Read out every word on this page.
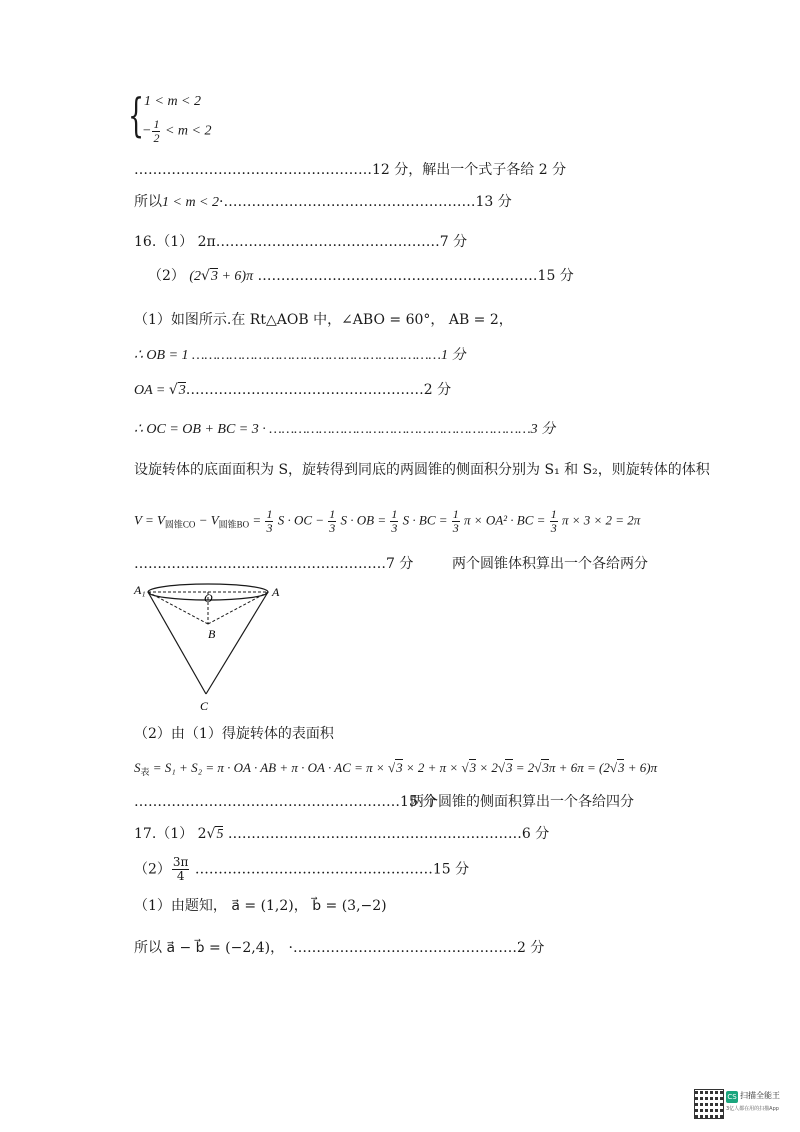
{ 1 < m < 2
− $\frac{1}{2} < m < 2$
……………………………………………12 分，解出一个式子各给 2 分
所以1 < m < 2·………………………………………………13 分
16.（1） 2π…………………………………………7 分
（2） (2√3 + 6)π ……………………………………………………15 分
（1）如图所示.在 Rt△AOB 中，∠ABO = 60°， AB = 2，
∴ OB = 1 ……………………………………………………1 分
OA = √3……………………………………………2 分
∴ OC = OB + BC = 3 · ………………………………………………………3 分
设旋转体的底面面积为 S，旋转得到同底的两圆锥的侧面积分别为 S₁ 和 S₂，则旋转体的体积
$V = V_{圆锥CO} - V_{圆锥BO} = \frac{1}{3}$ S · OC − $\frac{1}{3}$ S · OB = $\frac{1}{3}$ S · BC = $\frac{1}{3}$ π × OA² · BC = $\frac{1}{3}$ π × 3 × 2 = 2π
………………………………………………7 分	两个圆锥体积算出一个各给两分
A₁
O	A
B
C
（2）由（1）得旋转体的表面积
$S_表 = S_1 + S_2 = \pi$ · OA · AB + π · OA · AC = π × √3 × 2 + π × √3 × 2√3 = 2√3π + 6π = (2√3 + 6)π
…………………………………………………15 分
两个圆锥的侧面积算出一个各给四分
17.（1） 2√5 ………………………………………………………6 分
$(2) \frac{3\pi}{4}$ ……………………………………………15 分
（1）由题知， a⃗ = (1,2)， b⃗ = (3,−2)
所以 a⃗ − b⃗ = (−2,4)， ·…………………………………………2 分
CS 扫描全能王
3亿人都在用的扫描App
